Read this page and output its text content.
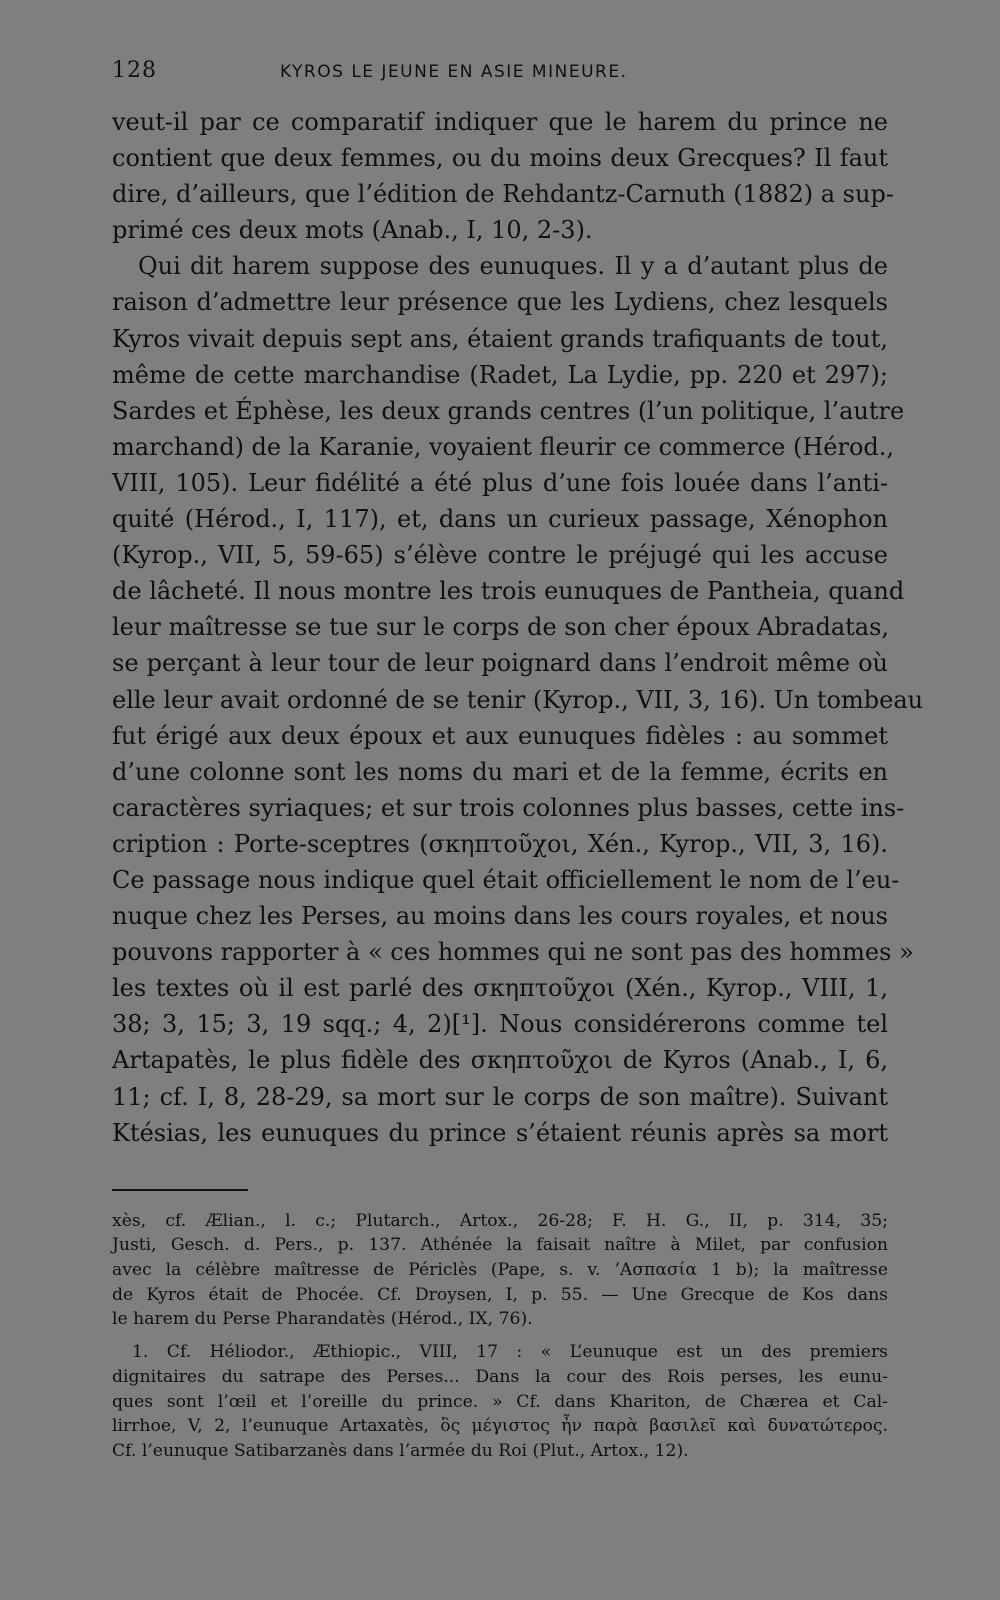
128	KYROS LE JEUNE EN ASIE MINEURE.
veut-il par ce comparatif indiquer que le harem du prince ne
contient que deux femmes, ou du moins deux Grecques? Il faut
dire, d’ailleurs, que l’édition de Rehdantz-Carnuth (1882) a sup-
primé ces deux mots (Anab., I, 10, 2-3).
Qui dit harem suppose des eunuques. Il y a d’autant plus de
raison d’admettre leur présence que les Lydiens, chez lesquels
Kyros vivait depuis sept ans, étaient grands trafiquants de tout,
même de cette marchandise (Radet, La Lydie, pp. 220 et 297);
Sardes et Éphèse, les deux grands centres (l’un politique, l’autre
marchand) de la Karanie, voyaient fleurir ce commerce (Hérod.,
VIII, 105). Leur fidélité a été plus d’une fois louée dans l’anti-
quité (Hérod., I, 117), et, dans un curieux passage, Xénophon
(Kyrop., VII, 5, 59-65) s’élève contre le préjugé qui les accuse
de lâcheté. Il nous montre les trois eunuques de Pantheia, quand
leur maîtresse se tue sur le corps de son cher époux Abradatas,
se perçant à leur tour de leur poignard dans l’endroit même où
elle leur avait ordonné de se tenir (Kyrop., VII, 3, 16). Un tombeau
fut érigé aux deux époux et aux eunuques fidèles : au sommet
d’une colonne sont les noms du mari et de la femme, écrits en
caractères syriaques; et sur trois colonnes plus basses, cette ins-
cription : Porte-sceptres (σκηπτοῦχοι, Xén., Kyrop., VII, 3, 16).
Ce passage nous indique quel était officiellement le nom de l’eu-
nuque chez les Perses, au moins dans les cours royales, et nous
pouvons rapporter à « ces hommes qui ne sont pas des hommes »
les textes où il est parlé des σκηπτοῦχοι (Xén., Kyrop., VIII, 1,
38; 3, 15; 3, 19 sqq.; 4, 2)[¹]. Nous considérerons comme tel
Artapatès, le plus fidèle des σκηπτοῦχοι de Kyros (Anab., I, 6,
11; cf. I, 8, 28-29, sa mort sur le corps de son maître). Suivant
Ktésias, les eunuques du prince s’étaient réunis après sa mort
xès, cf. Ælian., l. c.; Plutarch., Artox., 26-28; F. H. G., II, p. 314, 35;
Justi, Gesch. d. Pers., p. 137. Athénée la faisait naître à Milet, par confusion
avec la célèbre maîtresse de Périclès (Pape, s. v. ’Ασπασία 1 b); la maîtresse
de Kyros était de Phocée. Cf. Droysen, I, p. 55. — Une Grecque de Kos dans
le harem du Perse Pharandatès (Hérod., IX, 76).
1. Cf. Héliodor., Æthiopic., VIII, 17 : « L’eunuque est un des premiers
dignitaires du satrape des Perses... Dans la cour des Rois perses, les eunu-
ques sont l’œil et l’oreille du prince. » Cf. dans Khariton, de Chærea et Cal-
lirrhoe, V, 2, l’eunuque Artaxatès, ὃς μέγιστος ἦν παρὰ βασιλεῖ καὶ δυνατώτερος.
Cf. l’eunuque Satibarzanès dans l’armée du Roi (Plut., Artox., 12).
